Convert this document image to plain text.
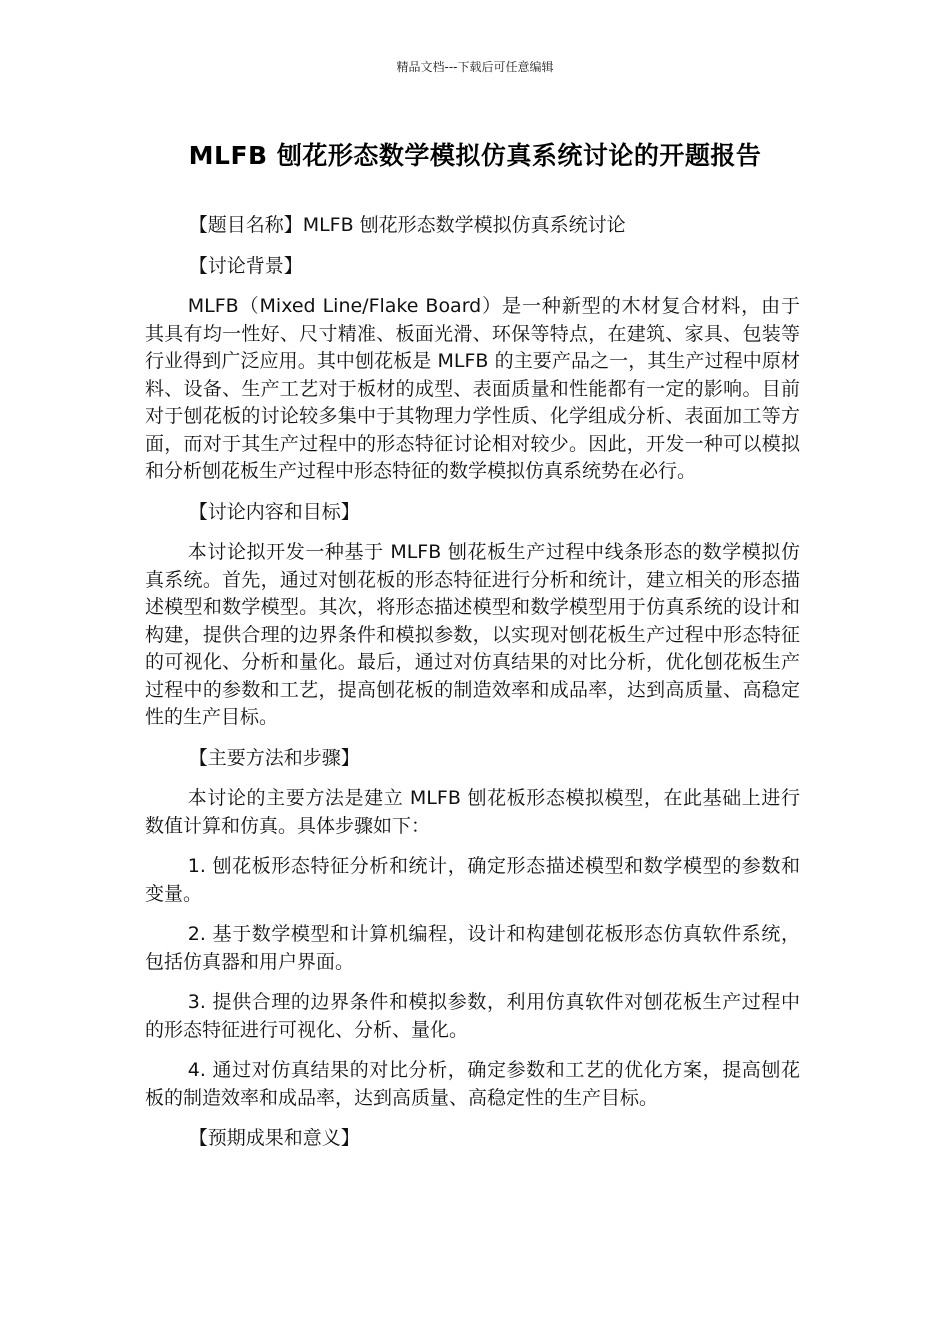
精品文档---下载后可任意编辑
MLFB 刨花形态数学模拟仿真系统讨论的开题报告

【题目名称】MLFB 刨花形态数学模拟仿真系统讨论

【讨论背景】

MLFB（Mixed Line/Flake Board）是一种新型的木材复合材料，由于其具有均一性好、尺寸精准、板面光滑、环保等特点，在建筑、家具、包装等行业得到广泛应用。其中刨花板是 MLFB 的主要产品之一，其生产过程中原材料、设备、生产工艺对于板材的成型、表面质量和性能都有一定的影响。目前对于刨花板的讨论较多集中于其物理力学性质、化学组成分析、表面加工等方面，而对于其生产过程中的形态特征讨论相对较少。因此，开发一种可以模拟和分析刨花板生产过程中形态特征的数学模拟仿真系统势在必行。

【讨论内容和目标】

本讨论拟开发一种基于 MLFB 刨花板生产过程中线条形态的数学模拟仿真系统。首先，通过对刨花板的形态特征进行分析和统计，建立相关的形态描述模型和数学模型。其次，将形态描述模型和数学模型用于仿真系统的设计和构建，提供合理的边界条件和模拟参数，以实现对刨花板生产过程中形态特征的可视化、分析和量化。最后，通过对仿真结果的对比分析，优化刨花板生产过程中的参数和工艺，提高刨花板的制造效率和成品率，达到高质量、高稳定性的生产目标。

【主要方法和步骤】

本讨论的主要方法是建立 MLFB 刨花板形态模拟模型，在此基础上进行数值计算和仿真。具体步骤如下：

1. 刨花板形态特征分析和统计，确定形态描述模型和数学模型的参数和变量。

2. 基于数学模型和计算机编程，设计和构建刨花板形态仿真软件系统，包括仿真器和用户界面。

3. 提供合理的边界条件和模拟参数，利用仿真软件对刨花板生产过程中的形态特征进行可视化、分析、量化。

4. 通过对仿真结果的对比分析，确定参数和工艺的优化方案，提高刨花板的制造效率和成品率，达到高质量、高稳定性的生产目标。

【预期成果和意义】
